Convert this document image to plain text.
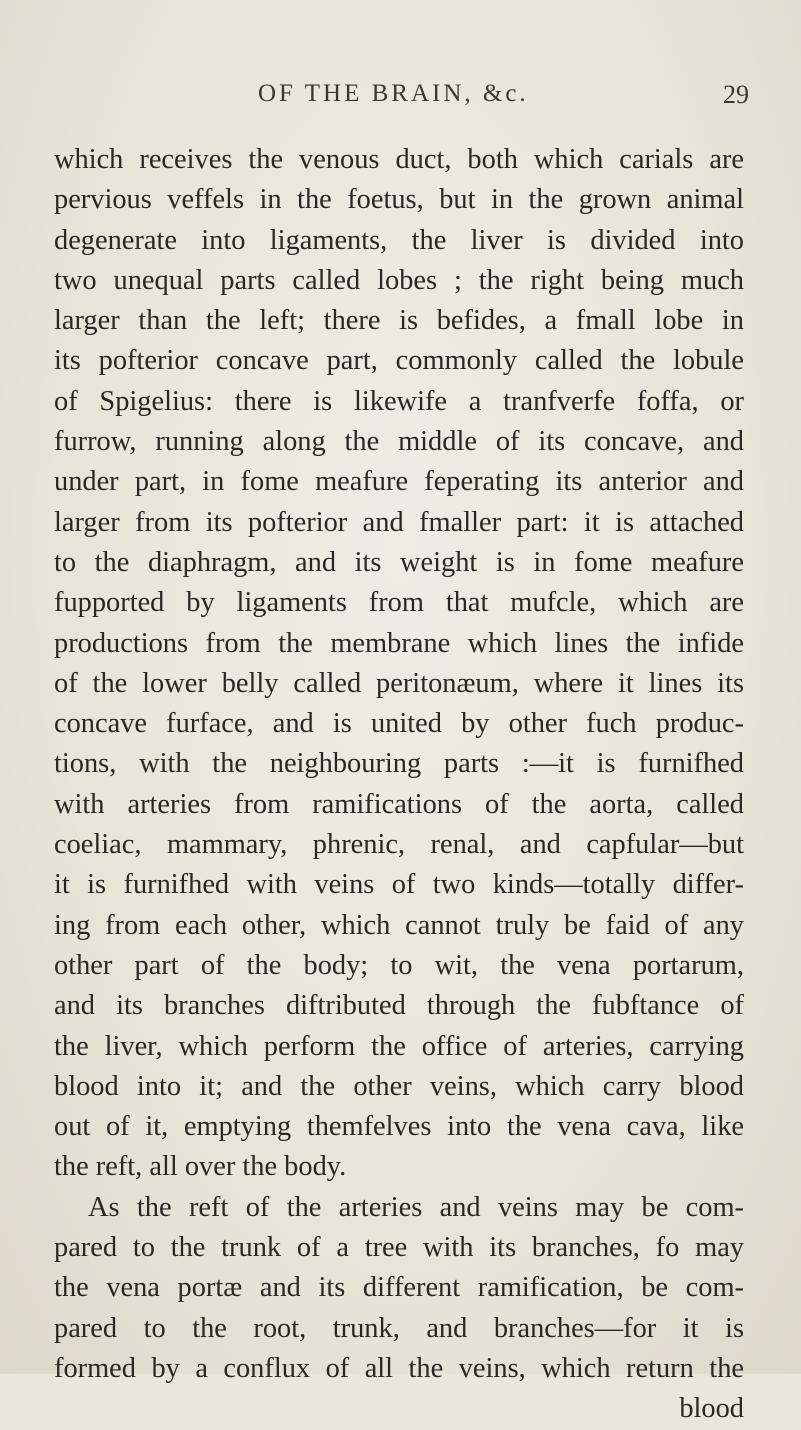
OF THE BRAIN, &c.	29
which receives the venous duct, both which carials are
pervious veffels in the foetus, but in the grown animal
degenerate into ligaments, the liver is divided into
two unequal parts called lobes ; the right being much
larger than the left; there is befides, a fmall lobe in
its pofterior concave part, commonly called the lobule
of Spigelius: there is likewife a tranfverfe foffa, or
furrow, running along the middle of its concave, and
under part, in fome meafure feperating its anterior and
larger from its pofterior and fmaller part: it is attached
to the diaphragm, and its weight is in fome meafure
fupported by ligaments from that mufcle, which are
productions from the membrane which lines the infide
of the lower belly called peritonæum, where it lines its
concave furface, and is united by other fuch produc-
tions, with the neighbouring parts :—it is furnifhed
with arteries from ramifications of the aorta, called
coeliac, mammary, phrenic, renal, and capfular—but
it is furnifhed with veins of two kinds—totally differ-
ing from each other, which cannot truly be faid of any
other part of the body; to wit, the vena portarum,
and its branches diftributed through the fubftance of
the liver, which perform the office of arteries, carrying
blood into it; and the other veins, which carry blood
out of it, emptying themfelves into the vena cava, like
the reft, all over the body.
As the reft of the arteries and veins may be com-
pared to the trunk of a tree with its branches, fo may
the vena portæ and its different ramification, be com-
pared to the root, trunk, and branches—for it is
formed by a conflux of all the veins, which return the
blood
